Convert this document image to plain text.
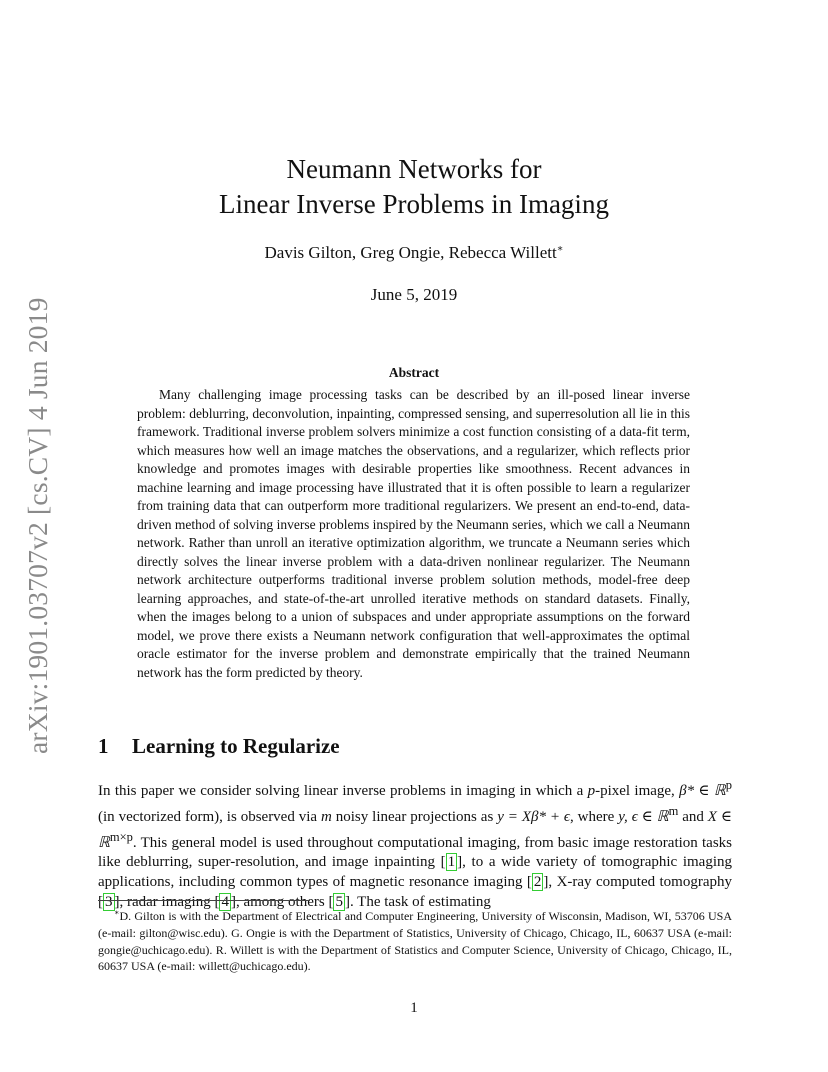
arXiv:1901.03707v2 [cs.CV] 4 Jun 2019
Neumann Networks for
Linear Inverse Problems in Imaging
Davis Gilton, Greg Ongie, Rebecca Willett∗
June 5, 2019
Abstract

Many challenging image processing tasks can be described by an ill-posed linear inverse problem: deblurring, deconvolution, inpainting, compressed sensing, and superresolution all lie in this framework. Traditional inverse problem solvers minimize a cost function consisting of a data-fit term, which measures how well an image matches the observations, and a regularizer, which reflects prior knowledge and promotes images with desirable properties like smoothness. Recent advances in machine learning and image processing have illustrated that it is often possible to learn a regularizer from training data that can outperform more traditional regularizers. We present an end-to-end, data-driven method of solving inverse problems inspired by the Neumann series, which we call a Neumann network. Rather than unroll an iterative optimization algorithm, we truncate a Neumann series which directly solves the linear inverse problem with a data-driven nonlinear regularizer. The Neumann network architecture outperforms traditional inverse problem solution methods, model-free deep learning approaches, and state-of-the-art unrolled iterative methods on standard datasets. Finally, when the images belong to a union of subspaces and under appropriate assumptions on the forward model, we prove there exists a Neumann network configuration that well-approximates the optimal oracle estimator for the inverse problem and demonstrate empirically that the trained Neumann network has the form predicted by theory.

1 Learning to Regularize

In this paper we consider solving linear inverse problems in imaging in which a p-pixel image, β* ∈ ℝ$^p$ (in vectorized form), is observed via m noisy linear projections as y = Xβ* + ϵ, where y, ϵ ∈ ℝ$^m$ and X ∈ ℝ$^{m\times p}$. This general model is used throughout computational imaging, from basic image restoration tasks like deblurring, super-resolution, and image inpainting [ 1 ], to a wide variety of tomographic imaging applications, including common types of magnetic resonance imaging [ 2 ], X-ray computed tomography [ 3 ], radar imaging [ 4 ], among others [ 5 ]. The task of estimating

∗D. Gilton is with the Department of Electrical and Computer Engineering, University of Wisconsin, Madison, WI, 53706 USA (e-mail: gilton@wisc.edu). G. Ongie is with the Department of Statistics, University of Chicago, Chicago, IL, 60637 USA (e-mail: gongie@uchicago.edu). R. Willett is with the Department of Statistics and Computer Science, University of Chicago, Chicago, IL, 60637 USA (e-mail: willett@uchicago.edu).

1
